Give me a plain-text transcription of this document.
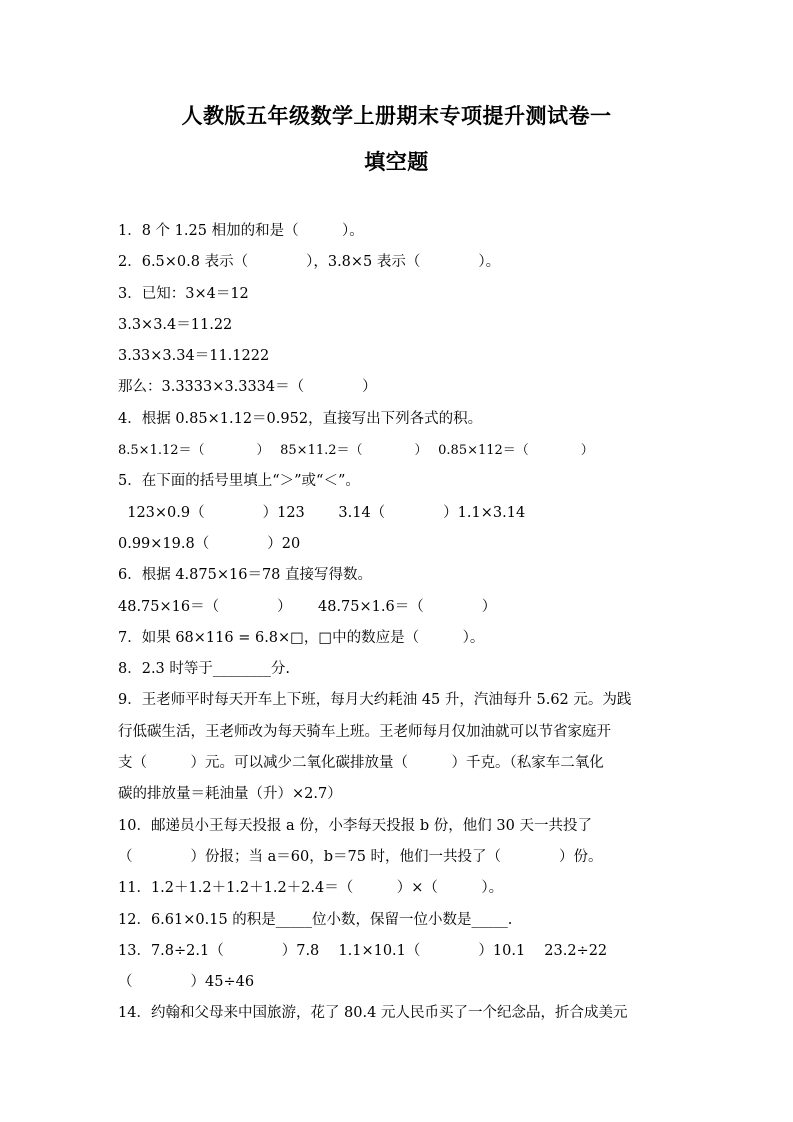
人教版五年级数学上册期末专项提升测试卷一
填空题
1．8 个 1.25 相加的和是（　　　）。
2．6.5×0.8 表示（　　　　），3.8×5 表示（　　　　）。
3．已知：3×4＝12
3.3×3.4＝11.22
3.33×3.34＝11.1222
那么：3.3333×3.3334＝（　　　　）
4．根据 0.85×1.12＝0.952，直接写出下列各式的积。
8.5×1.12＝（　　　　）　 85×11.2＝（　　　　）　 0.85×112＝（　　　　）
5．在下面的括号里填上“＞”或“＜”。
123×0.9（　　　　）123　　 3.14（　　　　）1.1×3.14
0.99×19.8（　　　　）20
6．根据 4.875×16＝78 直接写得数。
48.75×16＝（　　　　）　　 48.75×1.6＝（　　　　）
7．如果 68×116 = 6.8×□，□中的数应是（　　　）。
8．2.3 时等于________分.
9．王老师平时每天开车上下班，每月大约耗油 45 升，汽油每升 5.62 元。为践
行低碳生活，王老师改为每天骑车上班。王老师每月仅加油就可以节省家庭开
支（　　　）元。可以减少二氧化碳排放量（　　　）千克。（私家车二氧化
碳的排放量＝耗油量（升）×2.7）
10．邮递员小王每天投报 a 份，小李每天投报 b 份，他们 30 天一共投了
（　　　　）份报；当 a＝60，b＝75 时，他们一共投了（　　　　）份。
11．1.2＋1.2＋1.2＋1.2＋2.4＝（　　　）×（　　　）。
12．6.61×0.15 的积是_____位小数，保留一位小数是_____.
13．7.8÷2.1（　　　　）7.8　 1.1×10.1（　　　　）10.1　 23.2÷22
（　　　　）45÷46
14．约翰和父母来中国旅游，花了 80.4 元人民币买了一个纪念品，折合成美元
